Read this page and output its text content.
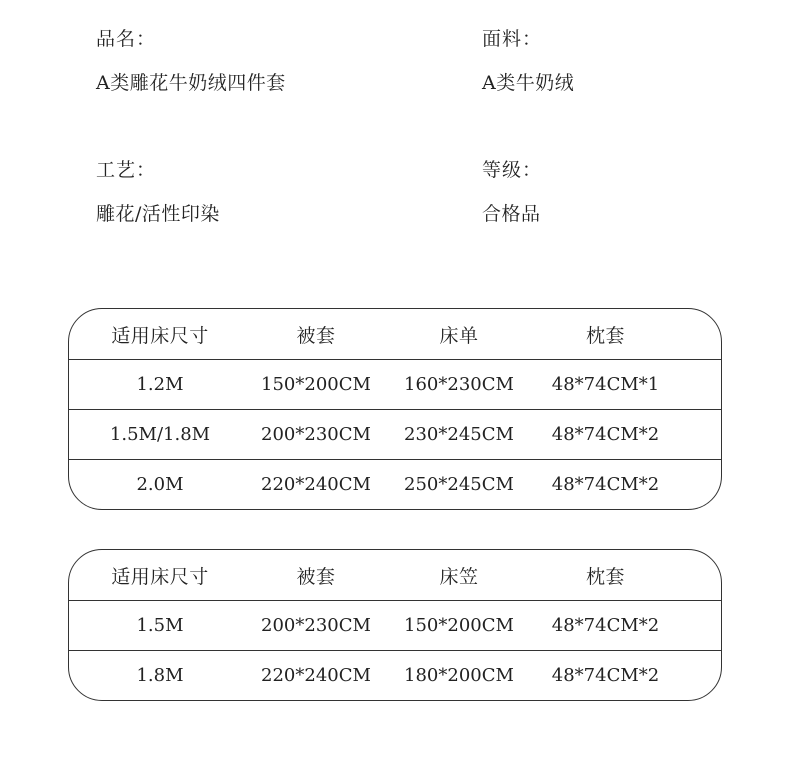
品名：
A类雕花牛奶绒四件套
面料：
A类牛奶绒
工艺：
雕花/活性印染
等级：
合格品
适用床尺寸	被套	床单	枕套
1.2M	150*200CM	160*230CM	48*74CM*1
1.5M/1.8M	200*230CM	230*245CM	48*74CM*2
2.0M	220*240CM	250*245CM	48*74CM*2
适用床尺寸	被套	床笠	枕套
1.5M	200*230CM	150*200CM	48*74CM*2
1.8M	220*240CM	180*200CM	48*74CM*2
